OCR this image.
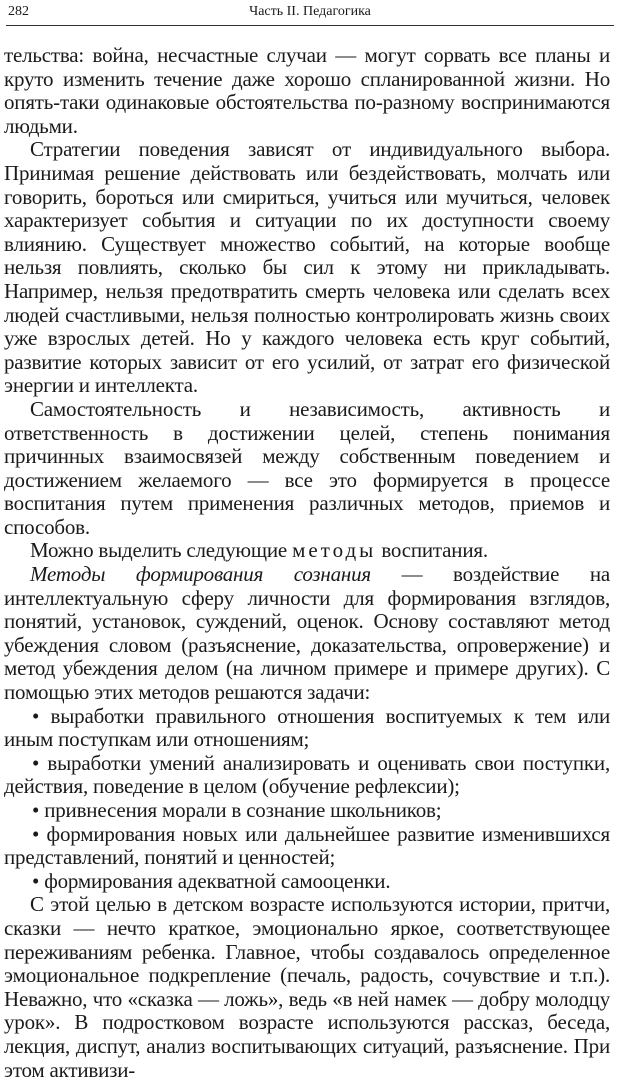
282	Часть II. Педагогика

тельства: война, несчастные случаи — могут сорвать все планы и круто изменить течение даже хорошо спланированной жизни. Но опять-таки одинаковые обстоятельства по-разному воспринимаются людьми.

Стратегии поведения зависят от индивидуального выбора. Принимая решение действовать или бездействовать, молчать или говорить, бороться или смириться, учиться или мучиться, человек характеризует события и ситуации по их доступности своему влиянию. Существует множество событий, на которые вообще нельзя повлиять, сколько бы сил к этому ни прикладывать. Например, нельзя предотвратить смерть человека или сделать всех людей счастливыми, нельзя полностью контролировать жизнь своих уже взрослых детей. Но у каждого человека есть круг событий, развитие которых зависит от его усилий, от затрат его физической энергии и интеллекта.

Самостоятельность и независимость, активность и ответственность в достижении целей, степень понимания причинных взаимосвязей между собственным поведением и достижением желаемого — все это формируется в процессе воспитания путем применения различных методов, приемов и способов.

Можно выделить следующие методы воспитания.

Методы формирования сознания — воздействие на интеллектуальную сферу личности для формирования взглядов, понятий, установок, суждений, оценок. Основу составляют метод убеждения словом (разъяснение, доказательства, опровержение) и метод убеждения делом (на личном примере и примере других). С помощью этих методов решаются задачи:

• выработки правильного отношения воспитуемых к тем или иным поступкам или отношениям;

• выработки умений анализировать и оценивать свои поступки, действия, поведение в целом (обучение рефлексии);

• привнесения морали в сознание школьников;

• формирования новых или дальнейшее развитие изменившихся представлений, понятий и ценностей;

• формирования адекватной самооценки.

С этой целью в детском возрасте используются истории, притчи, сказки — нечто краткое, эмоционально яркое, соответствующее переживаниям ребенка. Главное, чтобы создавалось определенное эмоциональное подкрепление (печаль, радость, сочувствие и т.п.). Неважно, что «сказка — ложь», ведь «в ней намек — добру молодцу урок». В подростковом возрасте используются рассказ, беседа, лекция, диспут, анализ воспитывающих ситуаций, разъяснение. При этом активизи-
